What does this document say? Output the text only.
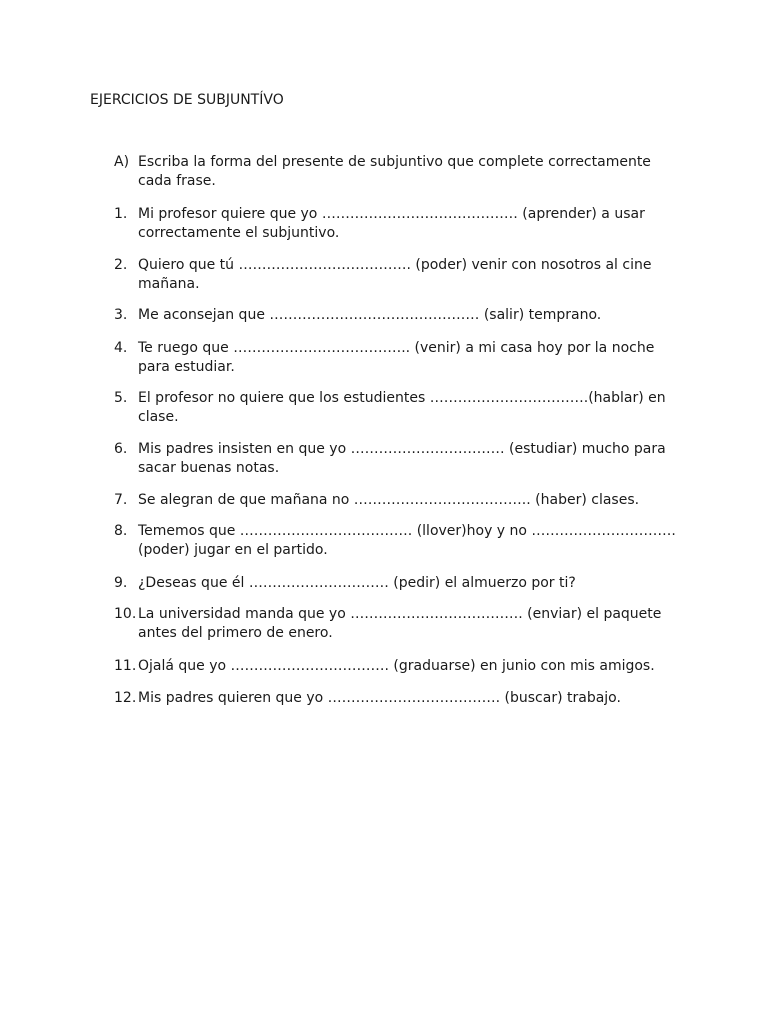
EJERCICIOS DE SUBJUNTÍVO
A) Escriba la forma del presente de subjuntivo que complete correctamente cada frase.
1. Mi profesor quiere que yo …………………………………… (aprender) a usar correctamente el subjuntivo.
2. Quiero que tú ………………………………. (poder) venir con nosotros al cine mañana.
3. Me aconsejan que ……………………………………… (salir) temprano.
4. Te ruego que ……………………………….. (venir) a mi casa hoy por la noche para estudiar.
5. El profesor no quiere que los estudientes …………………………….(hablar) en clase.
6. Mis padres insisten en que yo …………………………… (estudiar) mucho para sacar buenas notas.
7. Se alegran de que mañana no ……………………………….. (haber) clases.
8. Tememos que ………………………………. (llover)hoy y no ………………………….(poder) jugar en el partido.
9. ¿Deseas que él ………………………… (pedir) el almuerzo por ti?
10. La universidad manda que yo ………………………………. (enviar) el paquete antes del primero de enero.
11. Ojalá que yo ……………………………. (graduarse) en junio con mis amigos.
12. Mis padres quieren que yo ………………………………. (buscar) trabajo.
